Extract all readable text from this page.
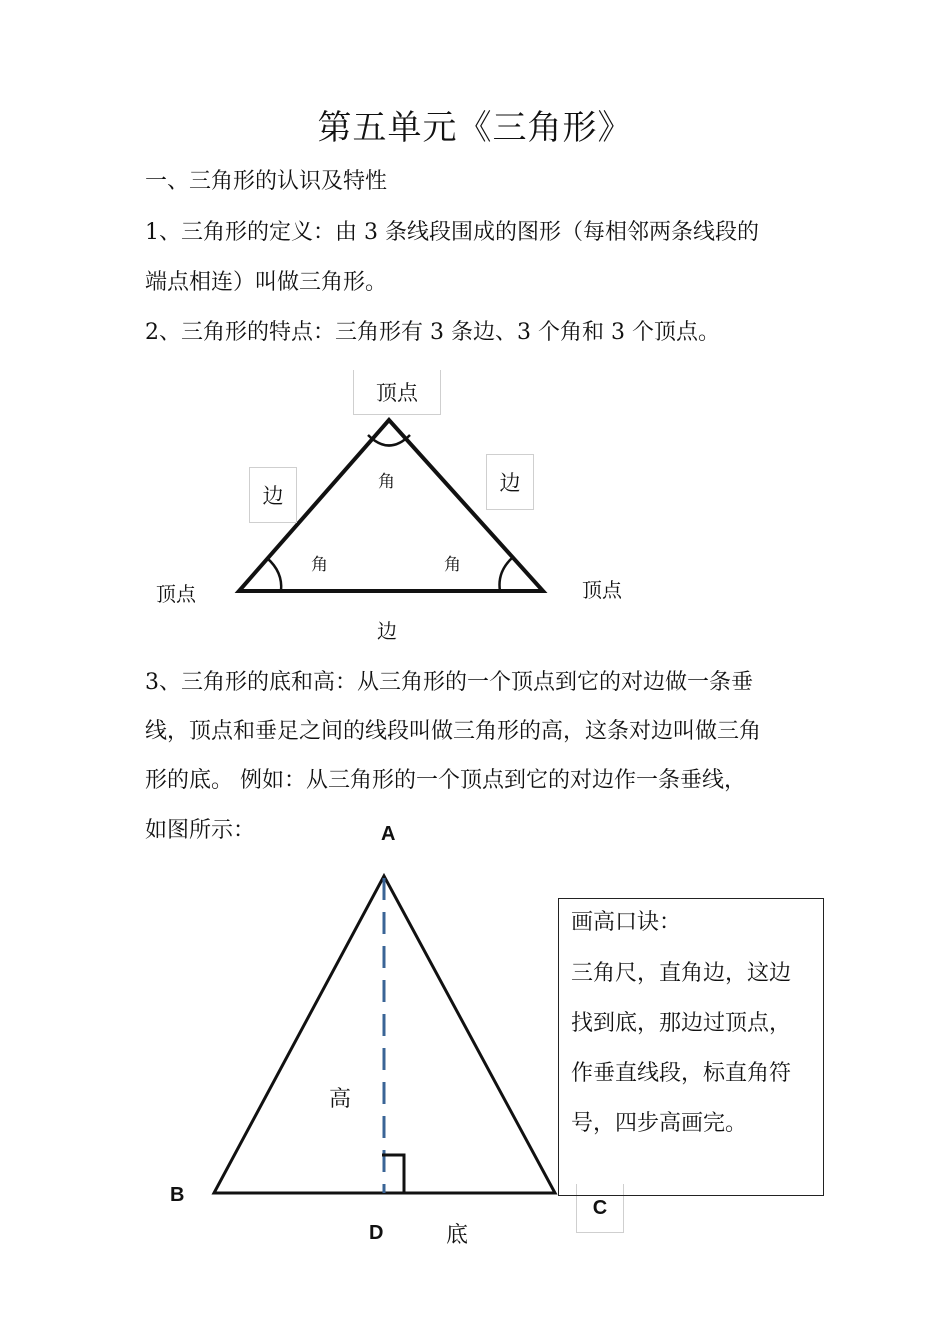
第五单元《三角形》
一、三角形的认识及特性
1、三角形的定义：由 3 条线段围成的图形（每相邻两条线段的
端点相连）叫做三角形。
2、三角形的特点：三角形有 3 条边、3 个角和 3 个顶点。
顶点
边
边
顶点	顶点
边
角
角	角
3、三角形的底和高：从三角形的一个顶点到它的对边做一条垂
线，顶点和垂足之间的线段叫做三角形的高，这条对边叫做三角
形的底。 例如：从三角形的一个顶点到它的对边作一条垂线，
如图所示：	A
B
C
D
高
底
画高口诀：
三角尺，直角边，这边
找到底，那边过顶点，
作垂直线段，标直角符
号，四步高画完。
